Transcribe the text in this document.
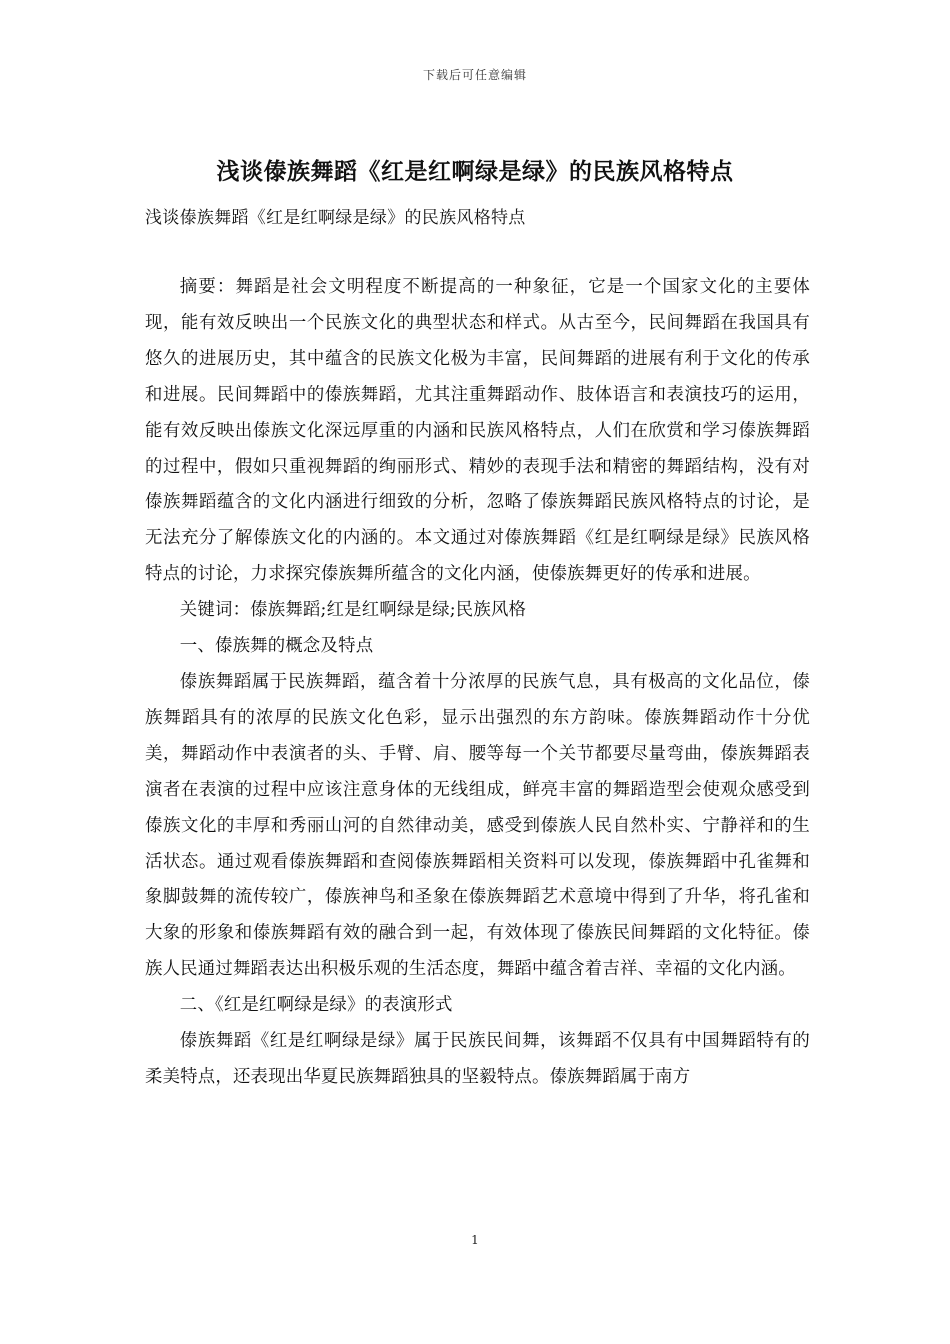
下载后可任意编辑
浅谈傣族舞蹈《红是红啊绿是绿》的民族风格特点
浅谈傣族舞蹈《红是红啊绿是绿》的民族风格特点

摘要：舞蹈是社会文明程度不断提高的一种象征，它是一个国家文化的主要体现，能有效反映出一个民族文化的典型状态和样式。从古至今，民间舞蹈在我国具有悠久的进展历史，其中蕴含的民族文化极为丰富，民间舞蹈的进展有利于文化的传承和进展。民间舞蹈中的傣族舞蹈，尤其注重舞蹈动作、肢体语言和表演技巧的运用，能有效反映出傣族文化深远厚重的内涵和民族风格特点，人们在欣赏和学习傣族舞蹈的过程中，假如只重视舞蹈的绚丽形式、精妙的表现手法和精密的舞蹈结构，没有对傣族舞蹈蕴含的文化内涵进行细致的分析，忽略了傣族舞蹈民族风格特点的讨论，是无法充分了解傣族文化的内涵的。本文通过对傣族舞蹈《红是红啊绿是绿》民族风格特点的讨论，力求探究傣族舞所蕴含的文化内涵，使傣族舞更好的传承和进展。

关键词：傣族舞蹈;红是红啊绿是绿;民族风格

一、傣族舞的概念及特点

傣族舞蹈属于民族舞蹈，蕴含着十分浓厚的民族气息，具有极高的文化品位，傣族舞蹈具有的浓厚的民族文化色彩，显示出强烈的东方韵味。傣族舞蹈动作十分优美，舞蹈动作中表演者的头、手臂、肩、腰等每一个关节都要尽量弯曲，傣族舞蹈表演者在表演的过程中应该注意身体的无线组成，鲜亮丰富的舞蹈造型会使观众感受到傣族文化的丰厚和秀丽山河的自然律动美，感受到傣族人民自然朴实、宁静祥和的生活状态。通过观看傣族舞蹈和查阅傣族舞蹈相关资料可以发现，傣族舞蹈中孔雀舞和象脚鼓舞的流传较广，傣族神鸟和圣象在傣族舞蹈艺术意境中得到了升华，将孔雀和大象的形象和傣族舞蹈有效的融合到一起，有效体现了傣族民间舞蹈的文化特征。傣族人民通过舞蹈表达出积极乐观的生活态度，舞蹈中蕴含着吉祥、幸福的文化内涵。

二、《红是红啊绿是绿》的表演形式

傣族舞蹈《红是红啊绿是绿》属于民族民间舞，该舞蹈不仅具有中国舞蹈特有的柔美特点，还表现出华夏民族舞蹈独具的坚毅特点。傣族舞蹈属于南方

1
